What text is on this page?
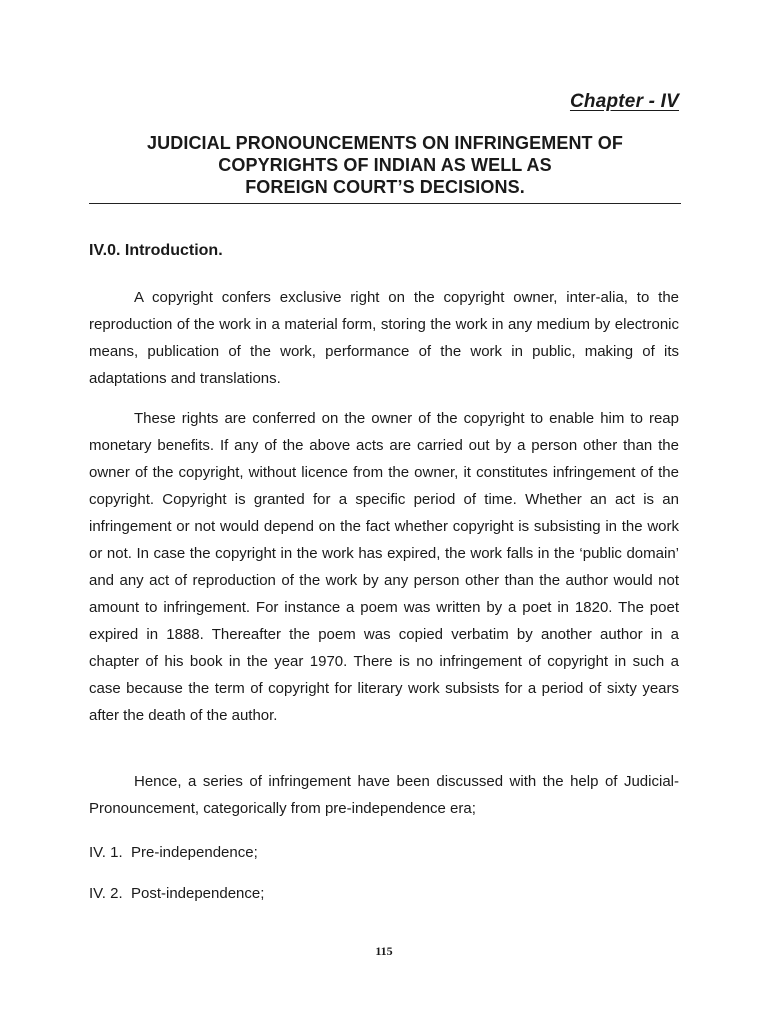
Chapter - IV
JUDICIAL PRONOUNCEMENTS ON INFRINGEMENT OF
COPYRIGHTS OF INDIAN AS WELL AS
FOREIGN COURT’S DECISIONS.
IV.0. Introduction.

A copyright confers exclusive right on the copyright owner, inter-alia, to the reproduction of the work in a material form, storing the work in any medium by electronic means, publication of the work, performance of the work in public, making of its adaptations and translations.

These rights are conferred on the owner of the copyright to enable him to reap monetary benefits. If any of the above acts are carried out by a person other than the owner of the copyright, without licence from the owner, it constitutes infringement of the copyright. Copyright is granted for a specific period of time. Whether an act is an infringement or not would depend on the fact whether copyright is subsisting in the work or not. In case the copyright in the work has expired, the work falls in the ‘public domain’ and any act of reproduction of the work by any person other than the author would not amount to infringement. For instance a poem was written by a poet in 1820. The poet expired in 1888. Thereafter the poem was copied verbatim by another author in a chapter of his book in the year 1970. There is no infringement of copyright in such a case because the term of copyright for literary work subsists for a period of sixty years after the death of the author.

Hence, a series of infringement have been discussed with the help of Judicial-Pronouncement, categorically from pre-independence era;

IV. 1.  Pre-independence;
IV. 2.  Post-independence;
115
